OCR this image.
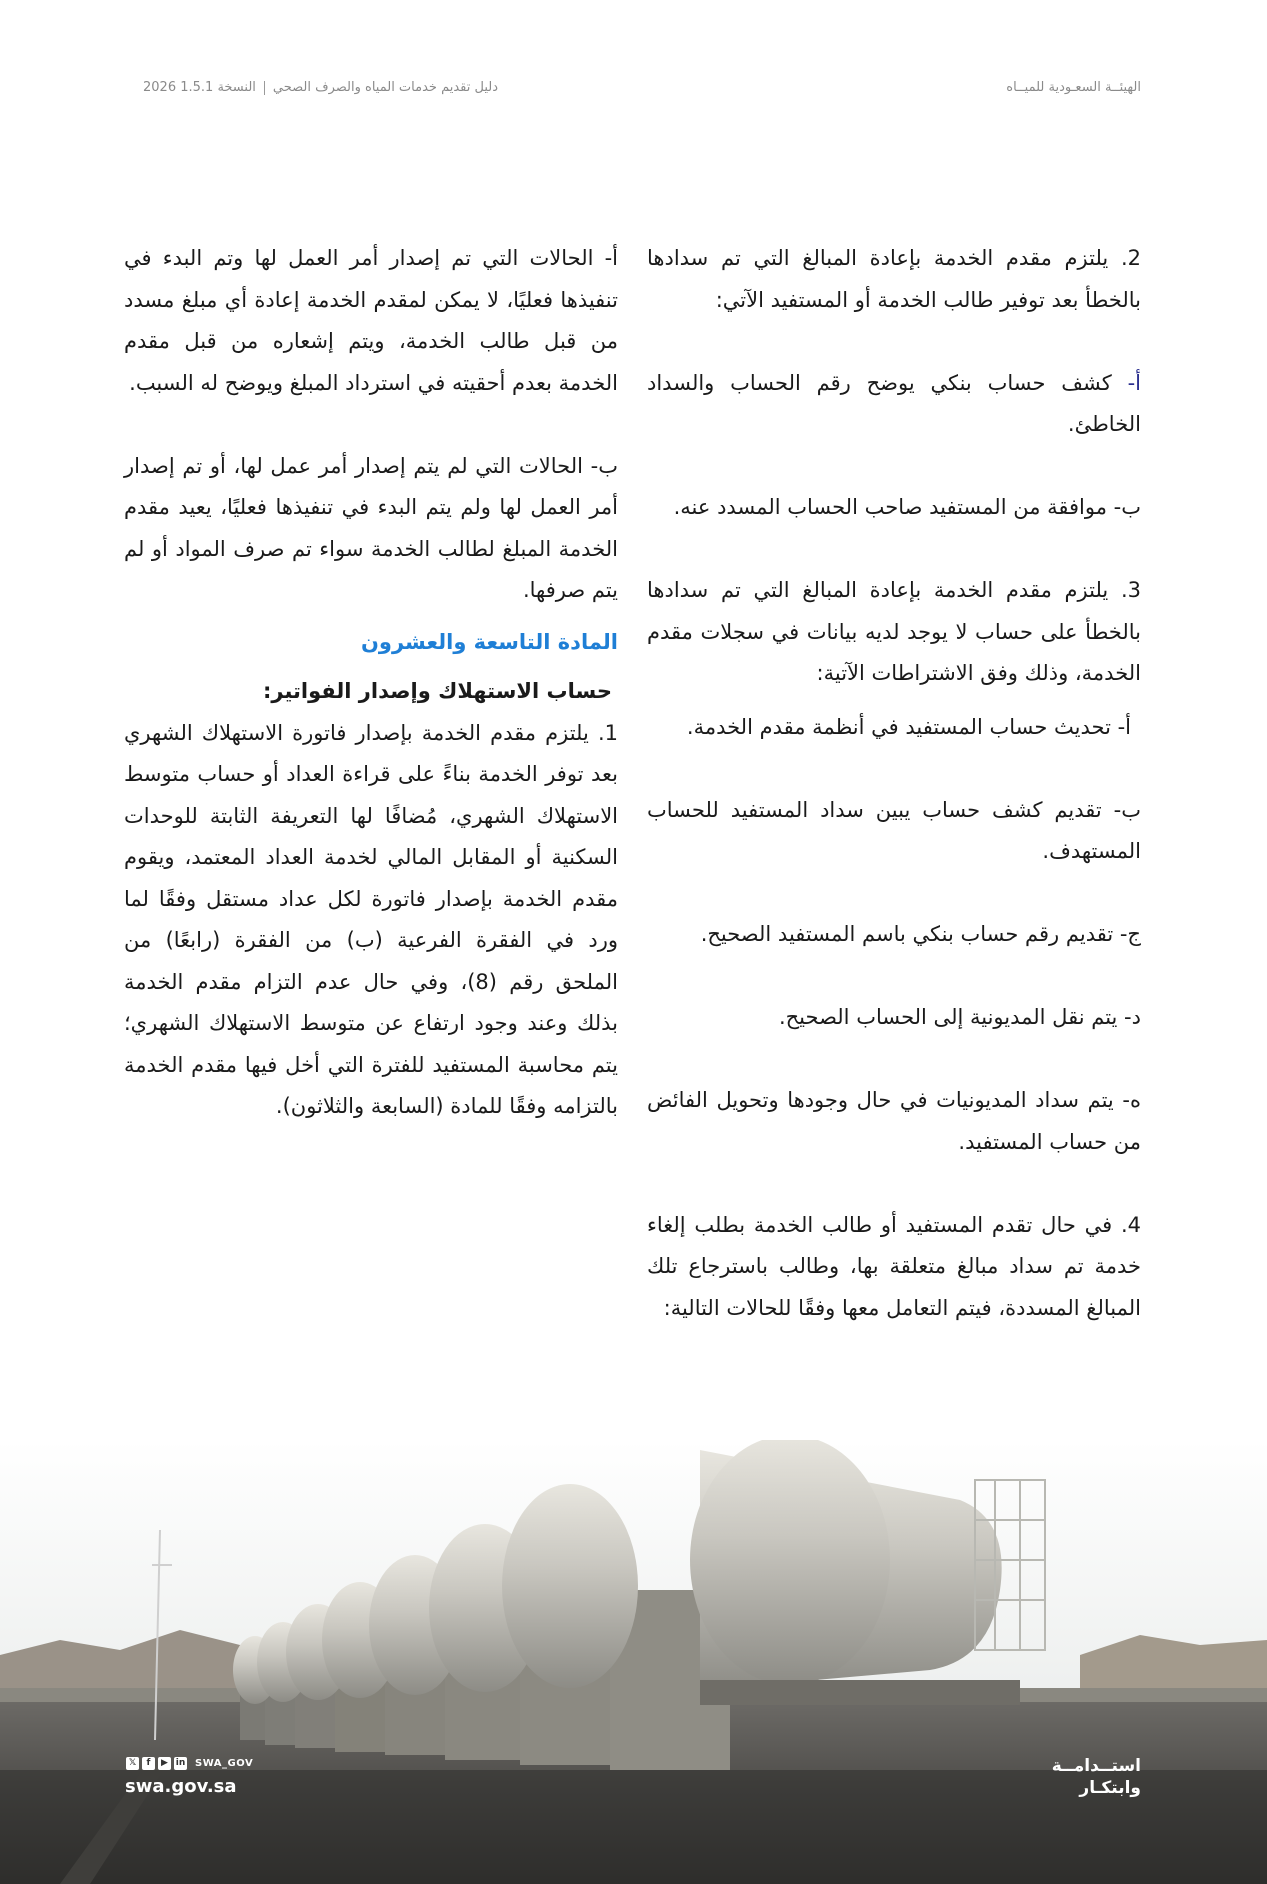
الهيئــة السعـودية للميــاه
دليل تقديم خدمات المياه والصرف الصحيالنسخة 1.5.1 2026

2. يلتزم مقدم الخدمة بإعادة المبالغ التي تم سدادها بالخطأ بعد توفير طالب الخدمة أو المستفيد الآتي:

أ- كشف حساب بنكي يوضح رقم الحساب والسداد الخاطئ.

ب- موافقة من المستفيد صاحب الحساب المسدد عنه.

3. يلتزم مقدم الخدمة بإعادة المبالغ التي تم سدادها بالخطأ على حساب لا يوجد لديه بيانات في سجلات مقدم الخدمة، وذلك وفق الاشتراطات الآتية:

أ- تحديث حساب المستفيد في أنظمة مقدم الخدمة.

ب- تقديم كشف حساب يبين سداد المستفيد للحساب المستهدف.

ج- تقديم رقم حساب بنكي باسم المستفيد الصحيح.

د- يتم نقل المديونية إلى الحساب الصحيح.

ه- يتم سداد المديونيات في حال وجودها وتحويل الفائض من حساب المستفيد.

4. في حال تقدم المستفيد أو طالب الخدمة بطلب إلغاء خدمة تم سداد مبالغ متعلقة بها، وطالب باسترجاع تلك المبالغ المسددة، فيتم التعامل معها وفقًا للحالات التالية:

أ- الحالات التي تم إصدار أمر العمل لها وتم البدء في تنفيذها فعليًا، لا يمكن لمقدم الخدمة إعادة أي مبلغ مسدد من قبل طالب الخدمة، ويتم إشعاره من قبل مقدم الخدمة بعدم أحقيته في استرداد المبلغ ويوضح له السبب.

ب- الحالات التي لم يتم إصدار أمر عمل لها، أو تم إصدار أمر العمل لها ولم يتم البدء في تنفيذها فعليًا، يعيد مقدم الخدمة المبلغ لطالب الخدمة سواء تم صرف المواد أو لم يتم صرفها.

المادة التاسعة والعشرون

حساب الاستهلاك وإصدار الفواتير:

1. يلتزم مقدم الخدمة بإصدار فاتورة الاستهلاك الشهري بعد توفر الخدمة بناءً على قراءة العداد أو حساب متوسط الاستهلاك الشهري، مُضافًا لها التعريفة الثابتة للوحدات السكنية أو المقابل المالي لخدمة العداد المعتمد، ويقوم مقدم الخدمة بإصدار فاتورة لكل عداد مستقل وفقًا لما ورد في الفقرة الفرعية (ب) من الفقرة (رابعًا) من الملحق رقم (8)، وفي حال عدم التزام مقدم الخدمة بذلك وعند وجود ارتفاع عن متوسط الاستهلاك الشهري؛ يتم محاسبة المستفيد للفترة التي أخل فيها مقدم الخدمة بالتزامه وفقًا للمادة (السابعة والثلاثون).

𝕏	f	▶ in SWA_GOV
swa.gov.sa
استــدامــة
وابتكـار
